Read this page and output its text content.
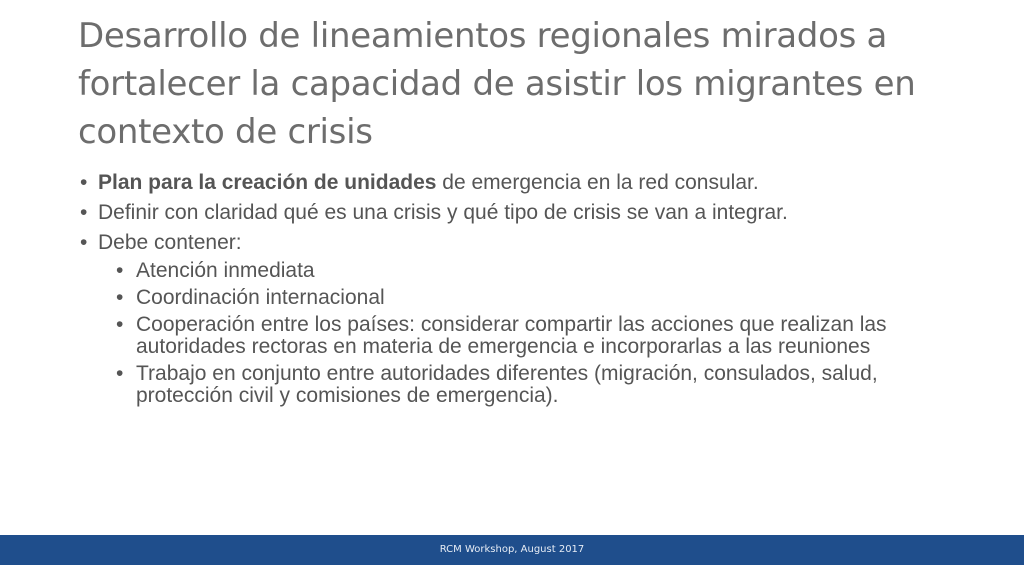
Desarrollo de lineamientos regionales mirados a fortalecer la capacidad de asistir los migrantes en contexto de crisis
• Plan para la creación de unidades de emergencia en la red consular.
• Definir con claridad qué es una crisis y qué tipo de crisis se van a integrar.
• Debe contener:
• Atención inmediata
• Coordinación internacional
• Cooperación entre los países: considerar compartir las acciones que realizan las autoridades rectoras en materia de emergencia e incorporarlas a las reuniones
• Trabajo en conjunto entre autoridades diferentes (migración, consulados, salud, protección civil y comisiones de emergencia).
RCM Workshop, August 2017
